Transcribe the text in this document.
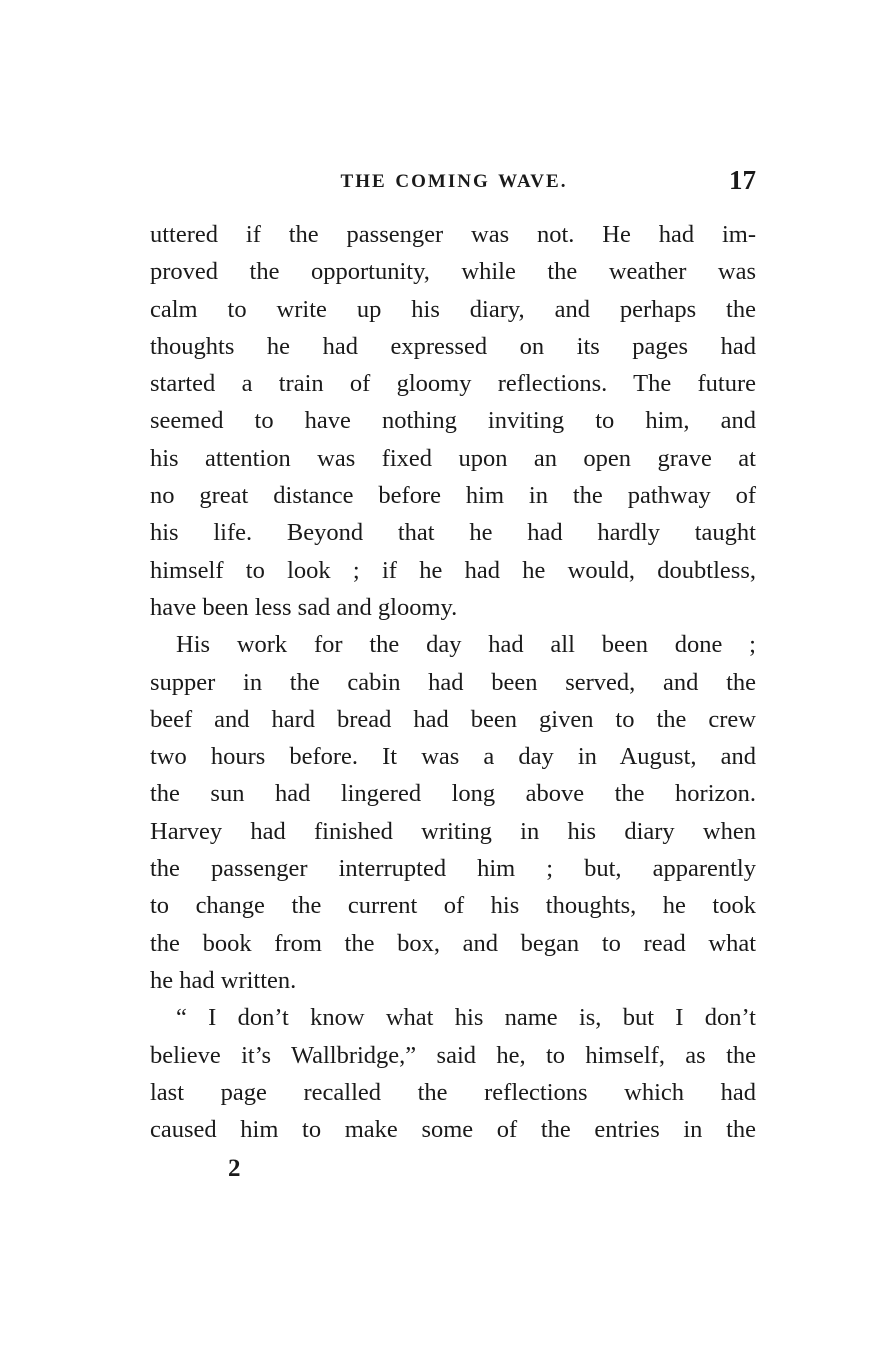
THE COMING WAVE.	17
uttered if the passenger was not. He had im-
proved the opportunity, while the weather was
calm to write up his diary, and perhaps the
thoughts he had expressed on its pages had
started a train of gloomy reflections. The future
seemed to have nothing inviting to him, and
his attention was fixed upon an open grave at
no great distance before him in the pathway of
his life. Beyond that he had hardly taught
himself to look ; if he had he would, doubtless,
have been less sad and gloomy.
His work for the day had all been done ;
supper in the cabin had been served, and the
beef and hard bread had been given to the crew
two hours before. It was a day in August, and
the sun had lingered long above the horizon.
Harvey had finished writing in his diary when
the passenger interrupted him ; but, apparently
to change the current of his thoughts, he took
the book from the box, and began to read what
he had written.
“ I don’t know what his name is, but I don’t
believe it’s Wallbridge,” said he, to himself, as the
last page recalled the reflections which had
caused him to make some of the entries in the
2
